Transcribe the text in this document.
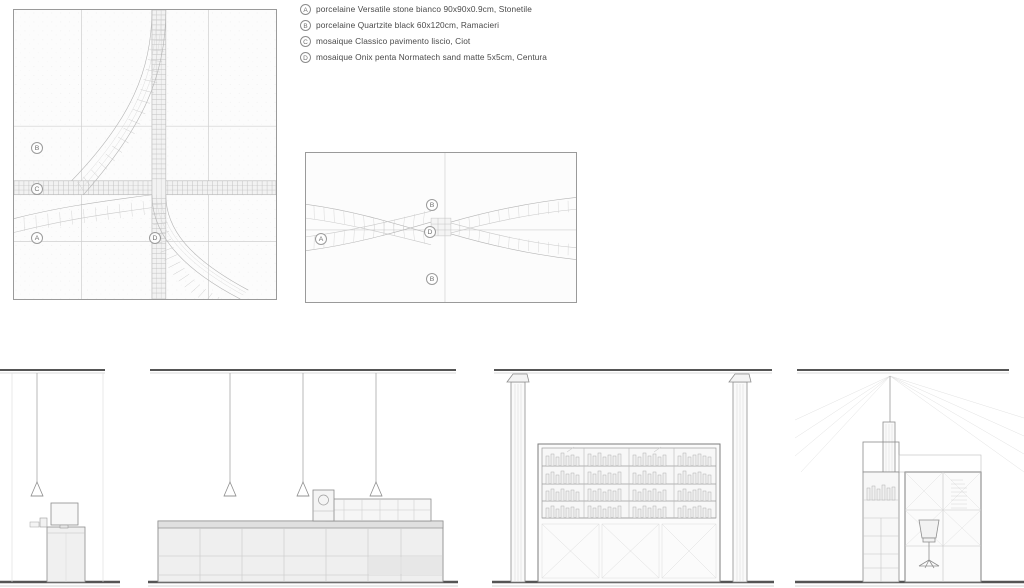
A	porcelaine Versatile stone bianco 90x90x0.9cm, Stonetile
B	porcelaine Quartzite black 60x120cm, Ramacieri
C mosaique Classico pavimento liscio, Ciot
D mosaique Onix penta Normatech sand matte 5x5cm, Centura
B
C
A	D
B
A
D
B
